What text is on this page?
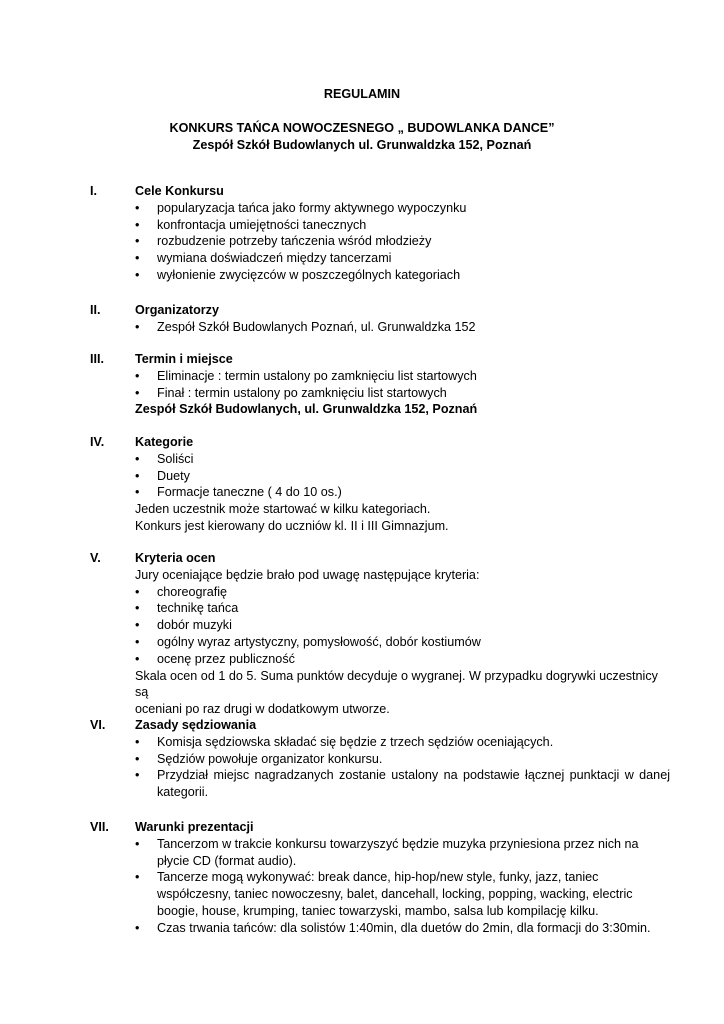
REGULAMIN
KONKURS TAŃCA NOWOCZESNEGO „ BUDOWLANKA DANCE”
Zespół Szkół Budowlanych ul. Grunwaldzka 152, Poznań
I.	Cele Konkursu
• popularyzacja tańca jako formy aktywnego wypoczynku
• konfrontacja umiejętności tanecznych
• rozbudzenie potrzeby tańczenia wśród młodzieży
• wymiana doświadczeń między tancerzami
• wyłonienie zwycięzców w poszczególnych kategoriach
II.	Organizatorzy
• Zespół Szkół Budowlanych Poznań, ul. Grunwaldzka 152
III. Termin i miejsce
• Eliminacje : termin ustalony po zamknięciu list startowych
• Finał : termin ustalony po zamknięciu list startowych
Zespół Szkół Budowlanych, ul. Grunwaldzka 152, Poznań
IV. Kategorie
• Soliści
• Duety
• Formacje taneczne ( 4 do 10 os.)
Jeden uczestnik może startować w kilku kategoriach.
Konkurs jest kierowany do uczniów kl. II i III Gimnazjum.
V.	Kryteria ocen
Jury oceniające będzie brało pod uwagę następujące kryteria:
• choreografię
• technikę tańca
• dobór muzyki
• ogólny wyraz artystyczny, pomysłowość, dobór kostiumów
• ocenę przez publiczność
Skala ocen od 1 do 5. Suma punktów decyduje o wygranej. W przypadku dogrywki uczestnicy są
oceniani po raz drugi w dodatkowym utworze.
VI. Zasady sędziowania
• Komisja sędziowska składać się będzie z trzech sędziów oceniających.
• Sędziów powołuje organizator konkursu.
• Przydział miejsc nagradzanych zostanie ustalony na podstawie łącznej punktacji w danej kategorii.
VII. Warunki prezentacji
• Tancerzom w trakcie konkursu towarzyszyć będzie muzyka przyniesiona przez nich na płycie CD (format audio).
• Tancerze mogą wykonywać: break dance, hip-hop/new style, funky, jazz, taniec współczesny, taniec nowoczesny, balet, dancehall, locking, popping, wacking, electric boogie, house, krumping, taniec towarzyski, mambo, salsa lub kompilację kilku.
• Czas trwania tańców: dla solistów 1:40min, dla duetów do 2min, dla formacji do 3:30min.
